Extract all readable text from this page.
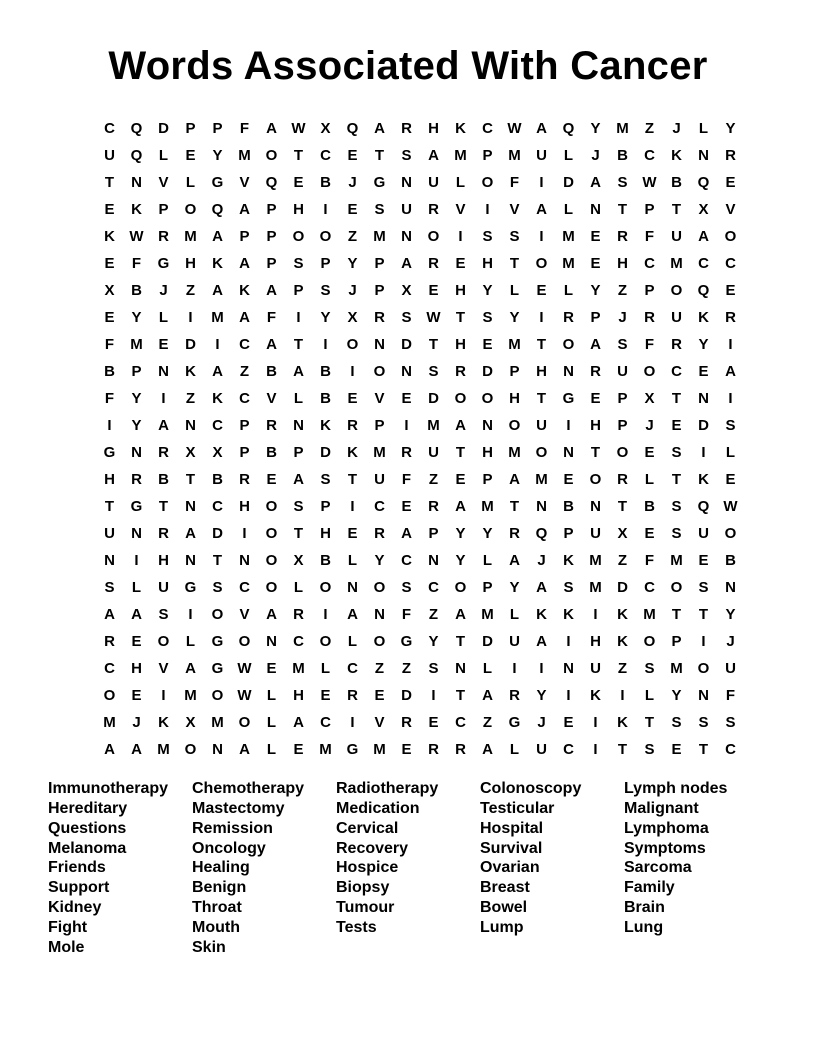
Words Associated With Cancer
C	Q	D	P	P	F	A W X	Q	A	R	H	K	C W A	Q	Y	M	Z	J	L	Y
U	Q	L	E	Y	M O	T	C	E	T	S	A	M	P	M	U	L	J	B	C	K	N	R
T	N	V	L	G	V	Q	E	B	J	G	N	U	L	O	F	I	D	A	S W B	Q	E
E	K	P	O	Q	A	P	H	I	E	S	U	R	V	I	V	A	L	N	T	P	T	X	V
K W R	M	A	P	P	O	O	Z	M	N	O	I	S	S	I	M	E	R	F	U	A	O
E	F	G	H	K	A	P	S	P	Y	P	A	R	E	H	T	O M	E	H	C	M	C	C
X	B	J	Z	A	K	A	P	S	J	P	X	E	H	Y	L	E	L	Y	Z	P	O	Q	E
E	Y	L	I	M	A	F	I	Y	X	R	S W	T	S	Y	I	R	P	J	R	U	K	R
F	M	E	D	I	C	A	T	I	O	N	D	T	H	E	M	T	O	A	S	F	R	Y	I
B	P	N	K	A	Z	B	A	B	I	O	N	S	R	D	P	H	N	R	U	O	C	E	A
F	Y	I	Z	K	C	V	L	B	E	V	E	D	O	O	H	T	G	E	P	X	T	N	I
I	Y	A	N	C	P	R	N	K	R	P	I	M	A	N	O	U	I	H	P	J	E	D	S
G	N	R	X	X	P	B	P	D	K	M	R	U	T	H	M O	N	T	O	E	S	I	L
H	R	B	T	B	R	E	A	S	T	U	F	Z	E	P	A	M	E	O	R	L	T	K	E
T	G	T	N	C	H	O	S	P	I	C	E	R	A	M	T	N	B	N	T	B	S	Q W
U	N	R	A	D	I	O	T	H	E	R	A	P	Y	Y	R	Q	P	U	X	E	S	U	O
N	I	H	N	T	N	O	X	B	L	Y	C	N	Y	L	A	J	K	M	Z	F	M	E	B
S	L	U	G	S	C	O	L	O	N	O	S	C	O	P	Y	A	S	M	D	C	O	S	N
A	A	S	I	O	V	A	R	I	A	N	F	Z	A	M	L	K	K	I	K	M	T	T	Y
R	E	O	L	G	O	N	C	O	L	O	G	Y	T	D	U	A	I	H	K	O	P	I	J
C	H	V	A	G W E	M	L	C	Z	Z	S	N	L	I	I	N	U	Z	S	M O	U
O	E	I	M O W	L	H	E	R	E	D	I	T	A	R	Y	I	K	I	L	Y	N	F
M	J	K	X	M O	L	A	C	I	V	R	E	C	Z	G	J	E	I	K	T	S	S	S
A	A	M O	N	A	L	E	M G M	E	R	R	A	L	U	C	I	T	S	E	T	C
Immunotherapy
Hereditary
Questions
Melanoma
Friends
Support
Kidney
Fight
Mole
Chemotherapy
Mastectomy
Remission
Oncology
Healing
Benign
Throat
Mouth
Skin
Radiotherapy
Medication
Cervical
Recovery
Hospice
Biopsy
Tumour
Tests
Colonoscopy
Testicular
Hospital
Survival
Ovarian
Breast
Bowel
Lump
Lymph nodes
Malignant
Lymphoma
Symptoms
Sarcoma
Family
Brain
Lung
